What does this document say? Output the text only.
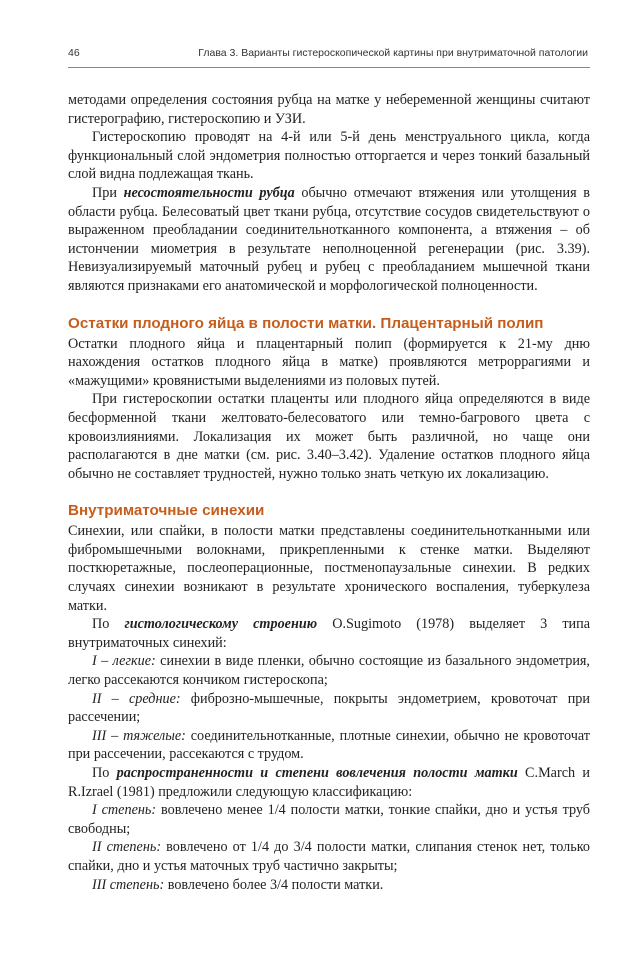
46	Глава 3. Варианты гистероскопической картины при внутриматочной патологии

методами определения состояния рубца на матке у небеременной женщины считают гистерографию, гистероскопию и УЗИ.

Гистероскопию проводят на 4-й или 5-й день менструального цикла, когда функциональный слой эндометрия полностью отторгается и через тонкий базальный слой видна подлежащая ткань.

При несостоятельности рубца обычно отмечают втяжения или утолщения в области рубца. Белесоватый цвет ткани рубца, отсутствие сосудов свидетельствуют о выраженном преобладании соединительнотканного компонента, а втяжения – об истончении миометрия в результате неполноценной регенерации (рис. 3.39). Невизуализируемый маточный рубец и рубец с преобладанием мышечной ткани являются признаками его анатомической и морфологической полноценности.

Остатки плодного яйца в полости матки. Плацентарный полип

Остатки плодного яйца и плацентарный полип (формируется к 21-му дню нахождения остатков плодного яйца в матке) проявляются метроррагиями и «мажущими» кровянистыми выделениями из половых путей.

При гистероскопии остатки плаценты или плодного яйца определяются в виде бесформенной ткани желтовато-белесоватого или темно-багрового цвета с кровоизлияниями. Локализация их может быть различной, но чаще они располагаются в дне матки (см. рис. 3.40–3.42). Удаление остатков плодного яйца обычно не составляет трудностей, нужно только знать четкую их локализацию.

Внутриматочные синехии

Синехии, или спайки, в полости матки представлены соединительнотканными или фибромышечными волокнами, прикрепленными к стенке матки. Выделяют посткюретажные, послеоперационные, постменопаузальные синехии. В редких случаях синехии возникают в результате хронического воспаления, туберкулеза матки.

По гистологическому строению O.Sugimoto (1978) выделяет 3 типа внутриматочных синехий:

I – легкие: синехии в виде пленки, обычно состоящие из базального эндометрия, легко рассекаются кончиком гистероскопа;

II – средние: фиброзно-мышечные, покрыты эндометрием, кровоточат при рассечении;

III – тяжелые: соединительнотканные, плотные синехии, обычно не кровоточат при рассечении, рассекаются с трудом.

По распространенности и степени вовлечения полости матки C.March и R.Izrael (1981) предложили следующую классификацию:

I степень: вовлечено менее 1/4 полости матки, тонкие спайки, дно и устья труб свободны;

II степень: вовлечено от 1/4 до 3/4 полости матки, слипания стенок нет, только спайки, дно и устья маточных труб частично закрыты;

III степень: вовлечено более 3/4 полости матки.
